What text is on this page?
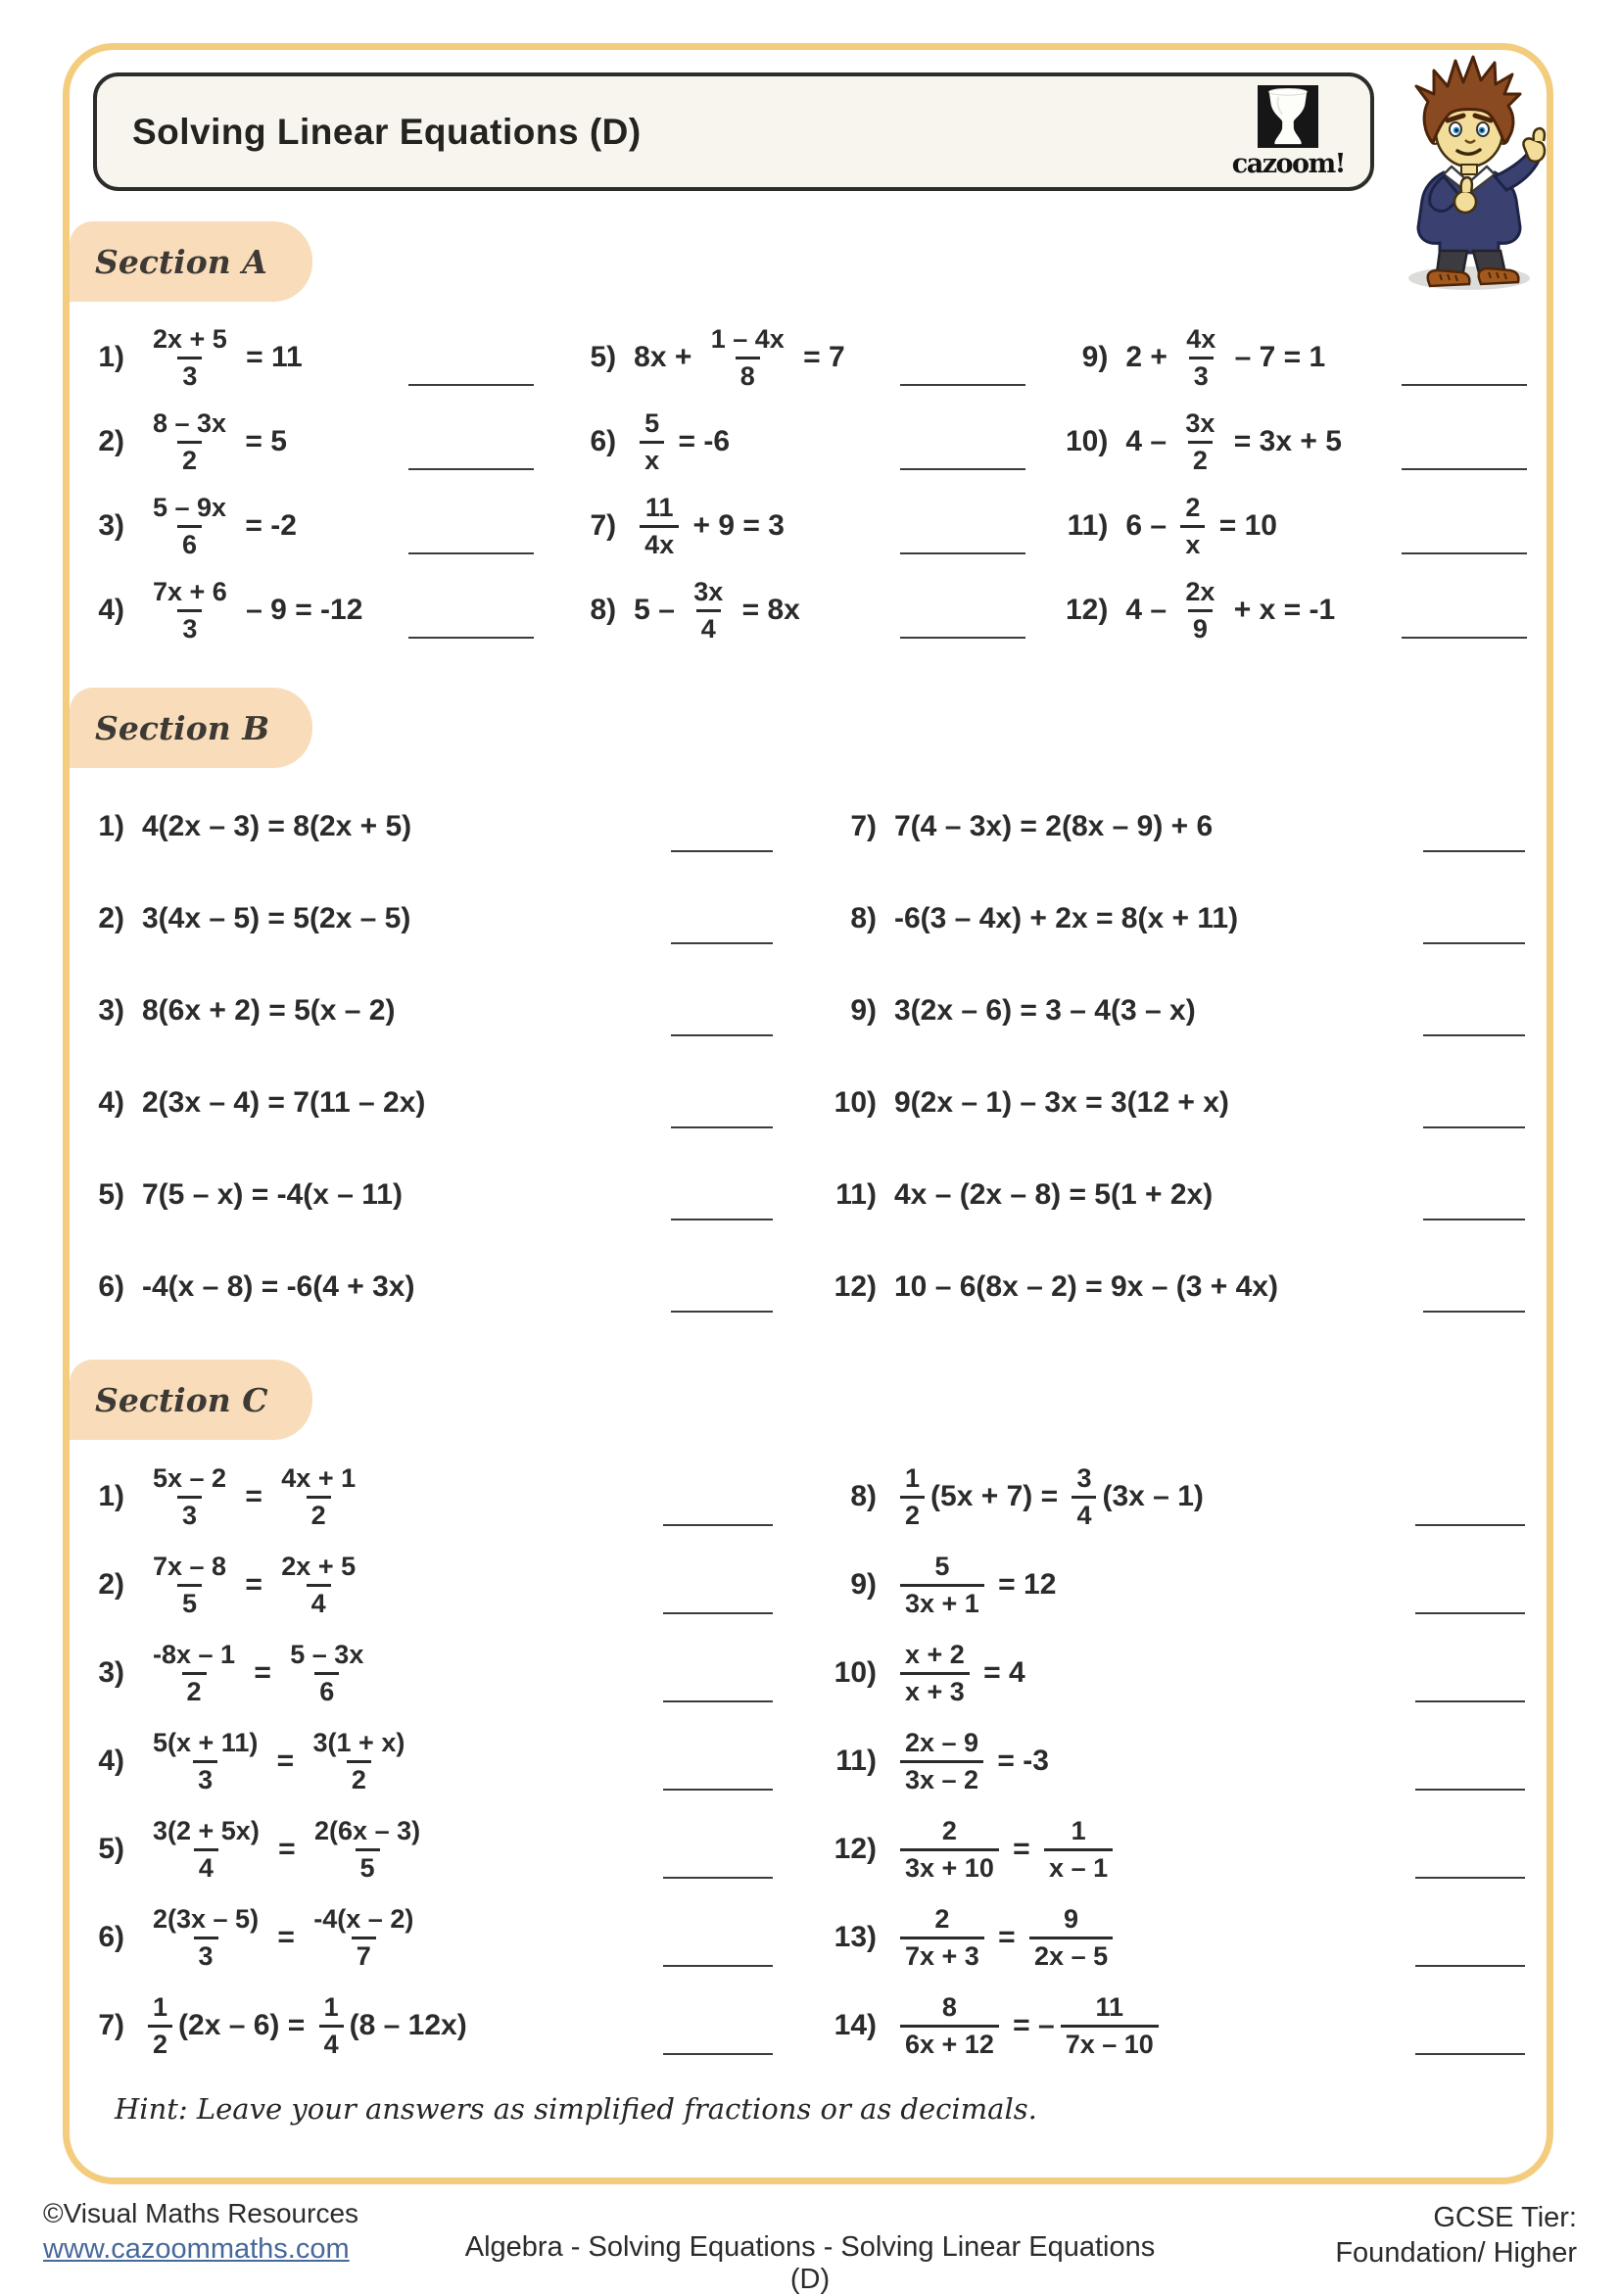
Solving Linear Equations (D)
cazoom!
Section A
$1) \frac{2x + 5}{3} = 11$
$2) \frac{8 - 3x}{2} = 5$
$3) \frac{5 - 9x}{6} = -2$
$4) \frac{7x + 6}{3} - 9 = -12$
5) $8x + \frac{1 - 4x}{8} = 7$
$6) \frac{5}{x} = -6$
$7) \frac{11}{4x} + 9 = 3$
8) $5 - \frac{3x}{4} = 8x$
9) $2 + \frac{4x}{3} - 7 = 1$
10) $4 - \frac{3x}{2} = 3x + 5$
11) $6 - \frac{2}{x} = 10$
12) $4 - \frac{2x}{9} + x = -1$
Section B
1) 4(2x – 3) = 8(2x + 5)
2) 3(4x – 5) = 5(2x – 5)
3) 8(6x + 2) = 5(x – 2)
4) 2(3x – 4) = 7(11 – 2x)
5) 7(5 – x) = -4(x – 11)
6) -4(x – 8) = -6(4 + 3x)
7) 7(4 – 3x) = 2(8x – 9) + 6
8) -6(3 – 4x) + 2x = 8(x + 11)
9) 3(2x – 6) = 3 – 4(3 – x)
10) 9(2x – 1) – 3x = 3(12 + x)
11) 4x – (2x – 8) = 5(1 + 2x)
12) 10 – 6(8x – 2) = 9x – (3 + 4x)
Section C
$1) \frac{5x - 2}{3} = \frac{4x + 1}{2}$
$2) \frac{7x - 8}{5} = \frac{2x + 5}{4}$
$3) \frac{-8x - 1}{2} = \frac{5 - 3x}{6}$
$4) \frac{5(x + 11)}{3} = \frac{3(1 + x)}{2}$
$5) \frac{3(2 + 5x)}{4} = \frac{2(6x - 3)}{5}$
$6) \frac{2(3x - 5)}{3} = \frac{-4(x - 2)}{7}$
$7) \frac{1}{2} (2x - 6) = \frac{1}{4} (8 - 12x)$
$8) \frac{1}{2} (5x + 7) = \frac{3}{4} (3x - 1)$
$9) \frac{5}{3x + 1} = 12$
$10) \frac{x + 2}{x + 3} = 4$
$11) \frac{2x - 9}{3x - 2} = -3$
$12) \frac{2}{3x + 10} = \frac{1}{x - 1}$
$13) \frac{2}{7x + 3} = \frac{9}{2x - 5}$
$14) \frac{8}{6x + 12}$ = – $\frac{11}{7x - 10}$
Hint: Leave your answers as simplified fractions or as decimals.
©Visual Maths Resources
www.cazoommaths.com	Algebra - Solving Equations - Solving Linear Equations (D)
GCSE Tier:
Foundation/ Higher
